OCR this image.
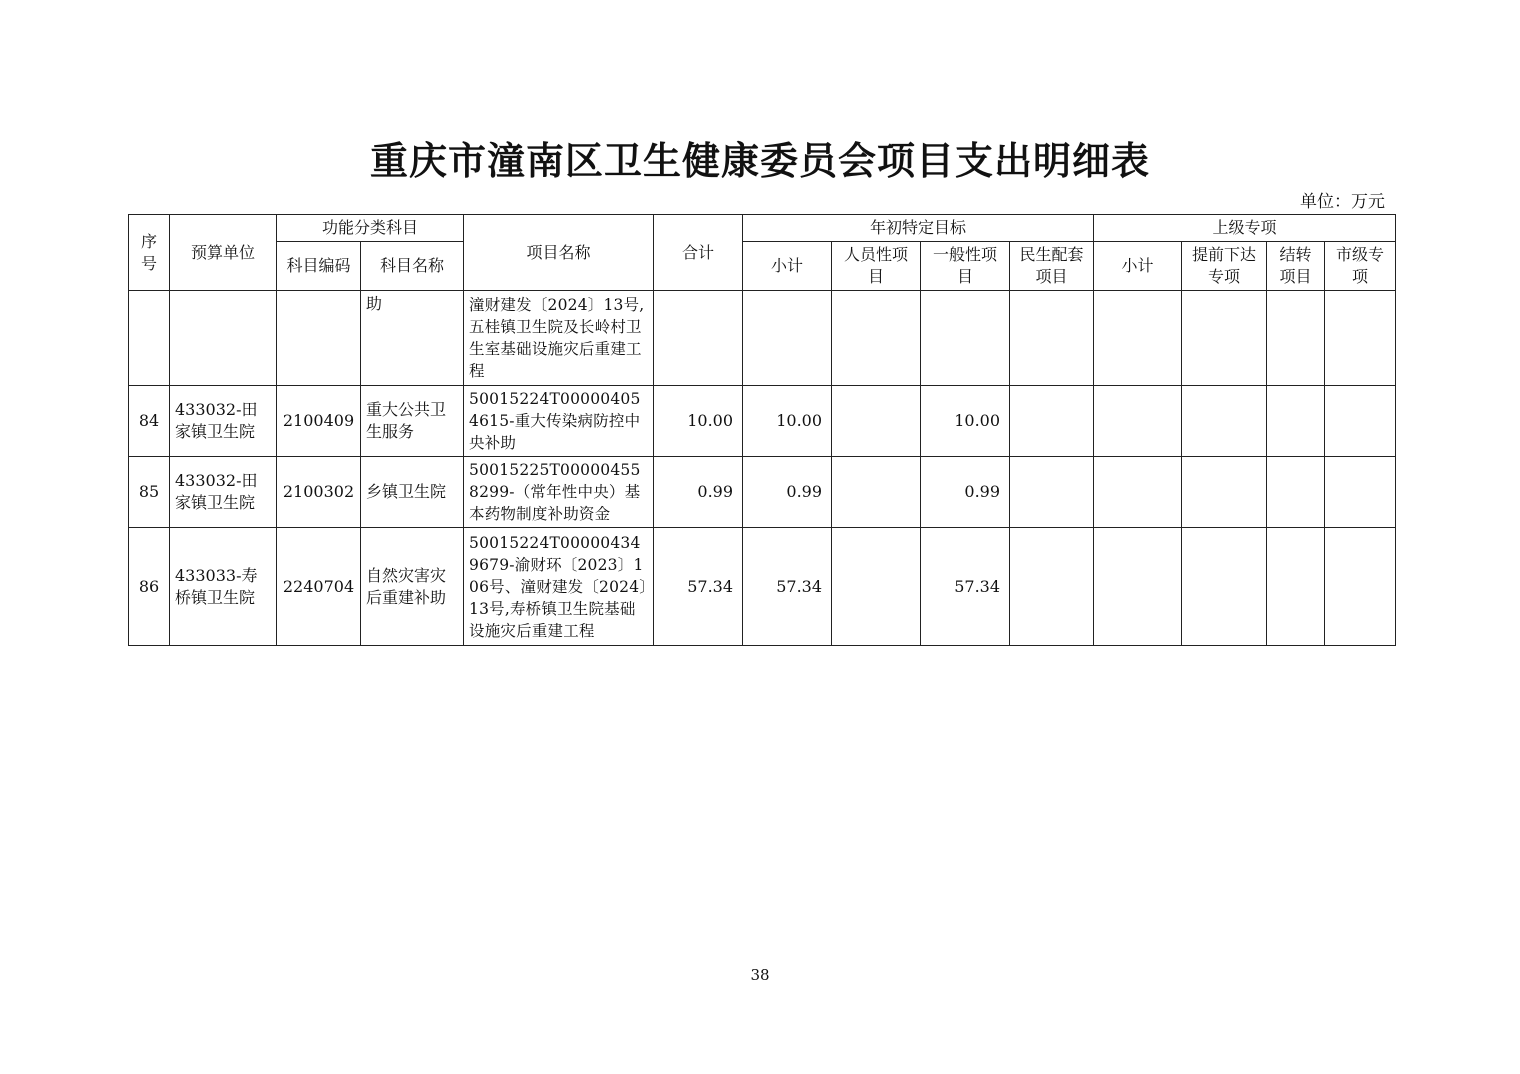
重庆市潼南区卫生健康委员会项目支出明细表
单位：万元
序号	预算单位	功能分类科目		项目名称	合计	年初特定目标				上级专项			
		科目编码	科目名称			小计	人员性项目	一般性项目	民生配套项目	小计	提前下达专项	结转项目	市级专项
			助	潼财建发〔2024〕13号,五桂镇卫生院及长岭村卫生室基础设施灾后重建工程									
84	433032-田家镇卫生院	2100409	重大公共卫生服务	50015224T000004054615-重大传染病防控中央补助	10.00	10.00		10.00					
85	433032-田家镇卫生院	2100302	乡镇卫生院	50015225T000004558299-（常年性中央）基本药物制度补助资金	0.99	0.99		0.99					
86	433033-寿桥镇卫生院	2240704	自然灾害灾后重建补助	50015224T000004349679-渝财环〔2023〕106号、潼财建发〔2024〕13号,寿桥镇卫生院基础设施灾后重建工程	57.34	57.34		57.34					
38
